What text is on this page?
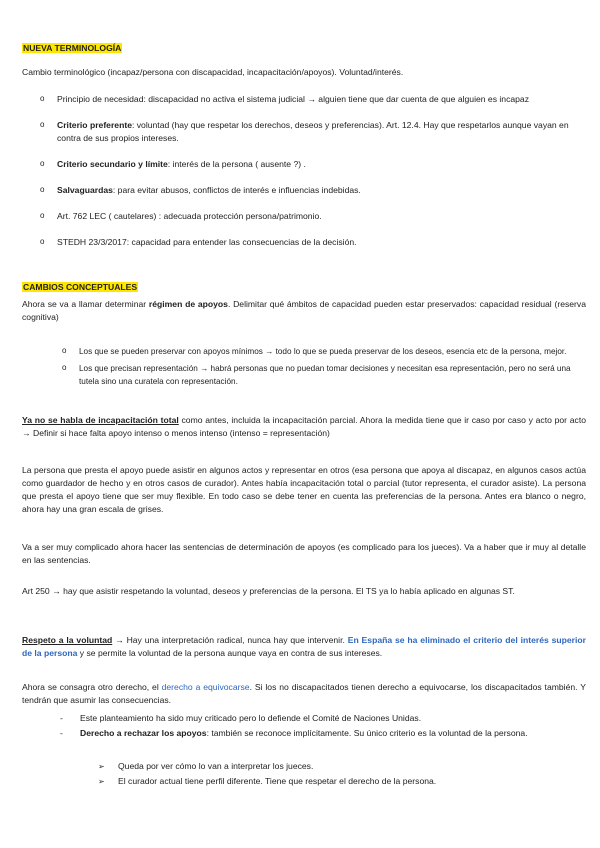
NUEVA TERMINOLOGÍA

Cambio terminológico (incapaz/persona con discapacidad, incapacitación/apoyos). Voluntad/interés.

o Principio de necesidad: discapacidad no activa el sistema judicial → alguien tiene que dar cuenta de que alguien es incapaz
o Criterio preferente: voluntad (hay que respetar los derechos, deseos y preferencias). Art. 12.4. Hay que respetarlos aunque vayan en contra de sus propios intereses.
o Criterio secundario y límite: interés de la persona ( ausente ?) .
o Salvaguardas: para evitar abusos, conflictos de interés e influencias indebidas.
o Art. 762 LEC ( cautelares) : adecuada protección persona/patrimonio.
o STEDH 23/3/2017: capacidad para entender las consecuencias de la decisión.

CAMBIOS CONCEPTUALES

Ahora se va a llamar determinar régimen de apoyos. Delimitar qué ámbitos de capacidad pueden estar preservados: capacidad residual (reserva cognitiva)

o Los que se pueden preservar con apoyos mínimos → todo lo que se pueda preservar de los deseos, esencia etc de la persona, mejor.
o Los que precisan representación → habrá personas que no puedan tomar decisiones y necesitan esa representación, pero no será una tutela sino una curatela con representación.

Ya no se habla de incapacitación total como antes, incluida la incapacitación parcial. Ahora la medida tiene que ir caso por caso y acto por acto → Definir si hace falta apoyo intenso o menos intenso (intenso = representación)

La persona que presta el apoyo puede asistir en algunos actos y representar en otros (esa persona que apoya al discapaz, en algunos casos actúa como guardador de hecho y en otros casos de curador). Antes había incapacitación total o parcial (tutor representa, el curador asiste). La persona que presta el apoyo tiene que ser muy flexible. En todo caso se debe tener en cuenta las preferencias de la persona. Antes era blanco o negro, ahora hay una gran escala de grises.

Va a ser muy complicado ahora hacer las sentencias de determinación de apoyos (es complicado para los jueces). Va a haber que ir muy al detalle en las sentencias.

Art 250 → hay que asistir respetando la voluntad, deseos y preferencias de la persona. El TS ya lo había aplicado en algunas ST.

Respeto a la voluntad → Hay una interpretación radical, nunca hay que intervenir. En España se ha eliminado el criterio del interés superior de la persona y se permite la voluntad de la persona aunque vaya en contra de sus intereses.

Ahora se consagra otro derecho, el derecho a equivocarse. Si los no discapacitados tienen derecho a equivocarse, los discapacitados también. Y tendrán que asumir las consecuencias.

- Este planteamiento ha sido muy criticado pero lo defiende el Comité de Naciones Unidas.
- Derecho a rechazar los apoyos: también se reconoce implícitamente. Su único criterio es la voluntad de la persona.
➢ Queda por ver cómo lo van a interpretar los jueces.
➢ El curador actual tiene perfil diferente. Tiene que respetar el derecho de la persona.
